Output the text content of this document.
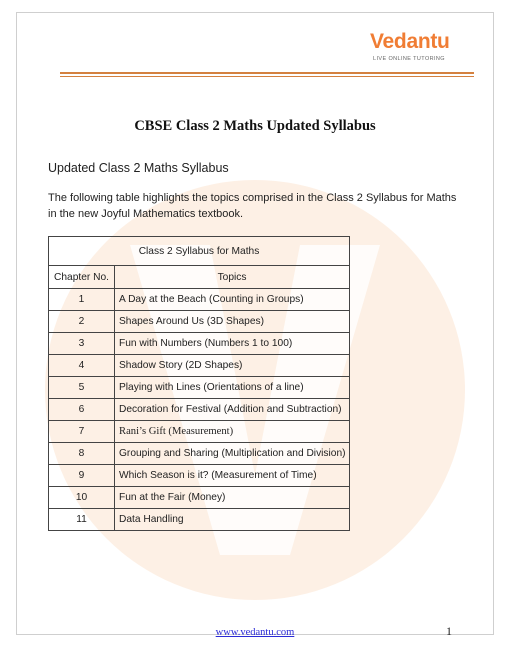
Vedantu
LIVE ONLINE TUTORING
CBSE Class 2 Maths Updated Syllabus
Updated Class 2 Maths Syllabus
The following table highlights the topics comprised in the Class 2 Syllabus for Maths in the new Joyful Mathematics textbook.
Class 2 Syllabus for Maths	
Chapter No.	Topics
1	A Day at the Beach (Counting in Groups)
2	Shapes Around Us (3D Shapes)
3	Fun with Numbers (Numbers 1 to 100)
4	Shadow Story (2D Shapes)
5	Playing with Lines (Orientations of a line)
6	Decoration for Festival (Addition and Subtraction)
7	Rani’s Gift (Measurement)
8	Grouping and Sharing (Multiplication and Division)
9	Which Season is it? (Measurement of Time)
10	Fun at the Fair (Money)
11	Data Handling
www.vedantu.com	1
